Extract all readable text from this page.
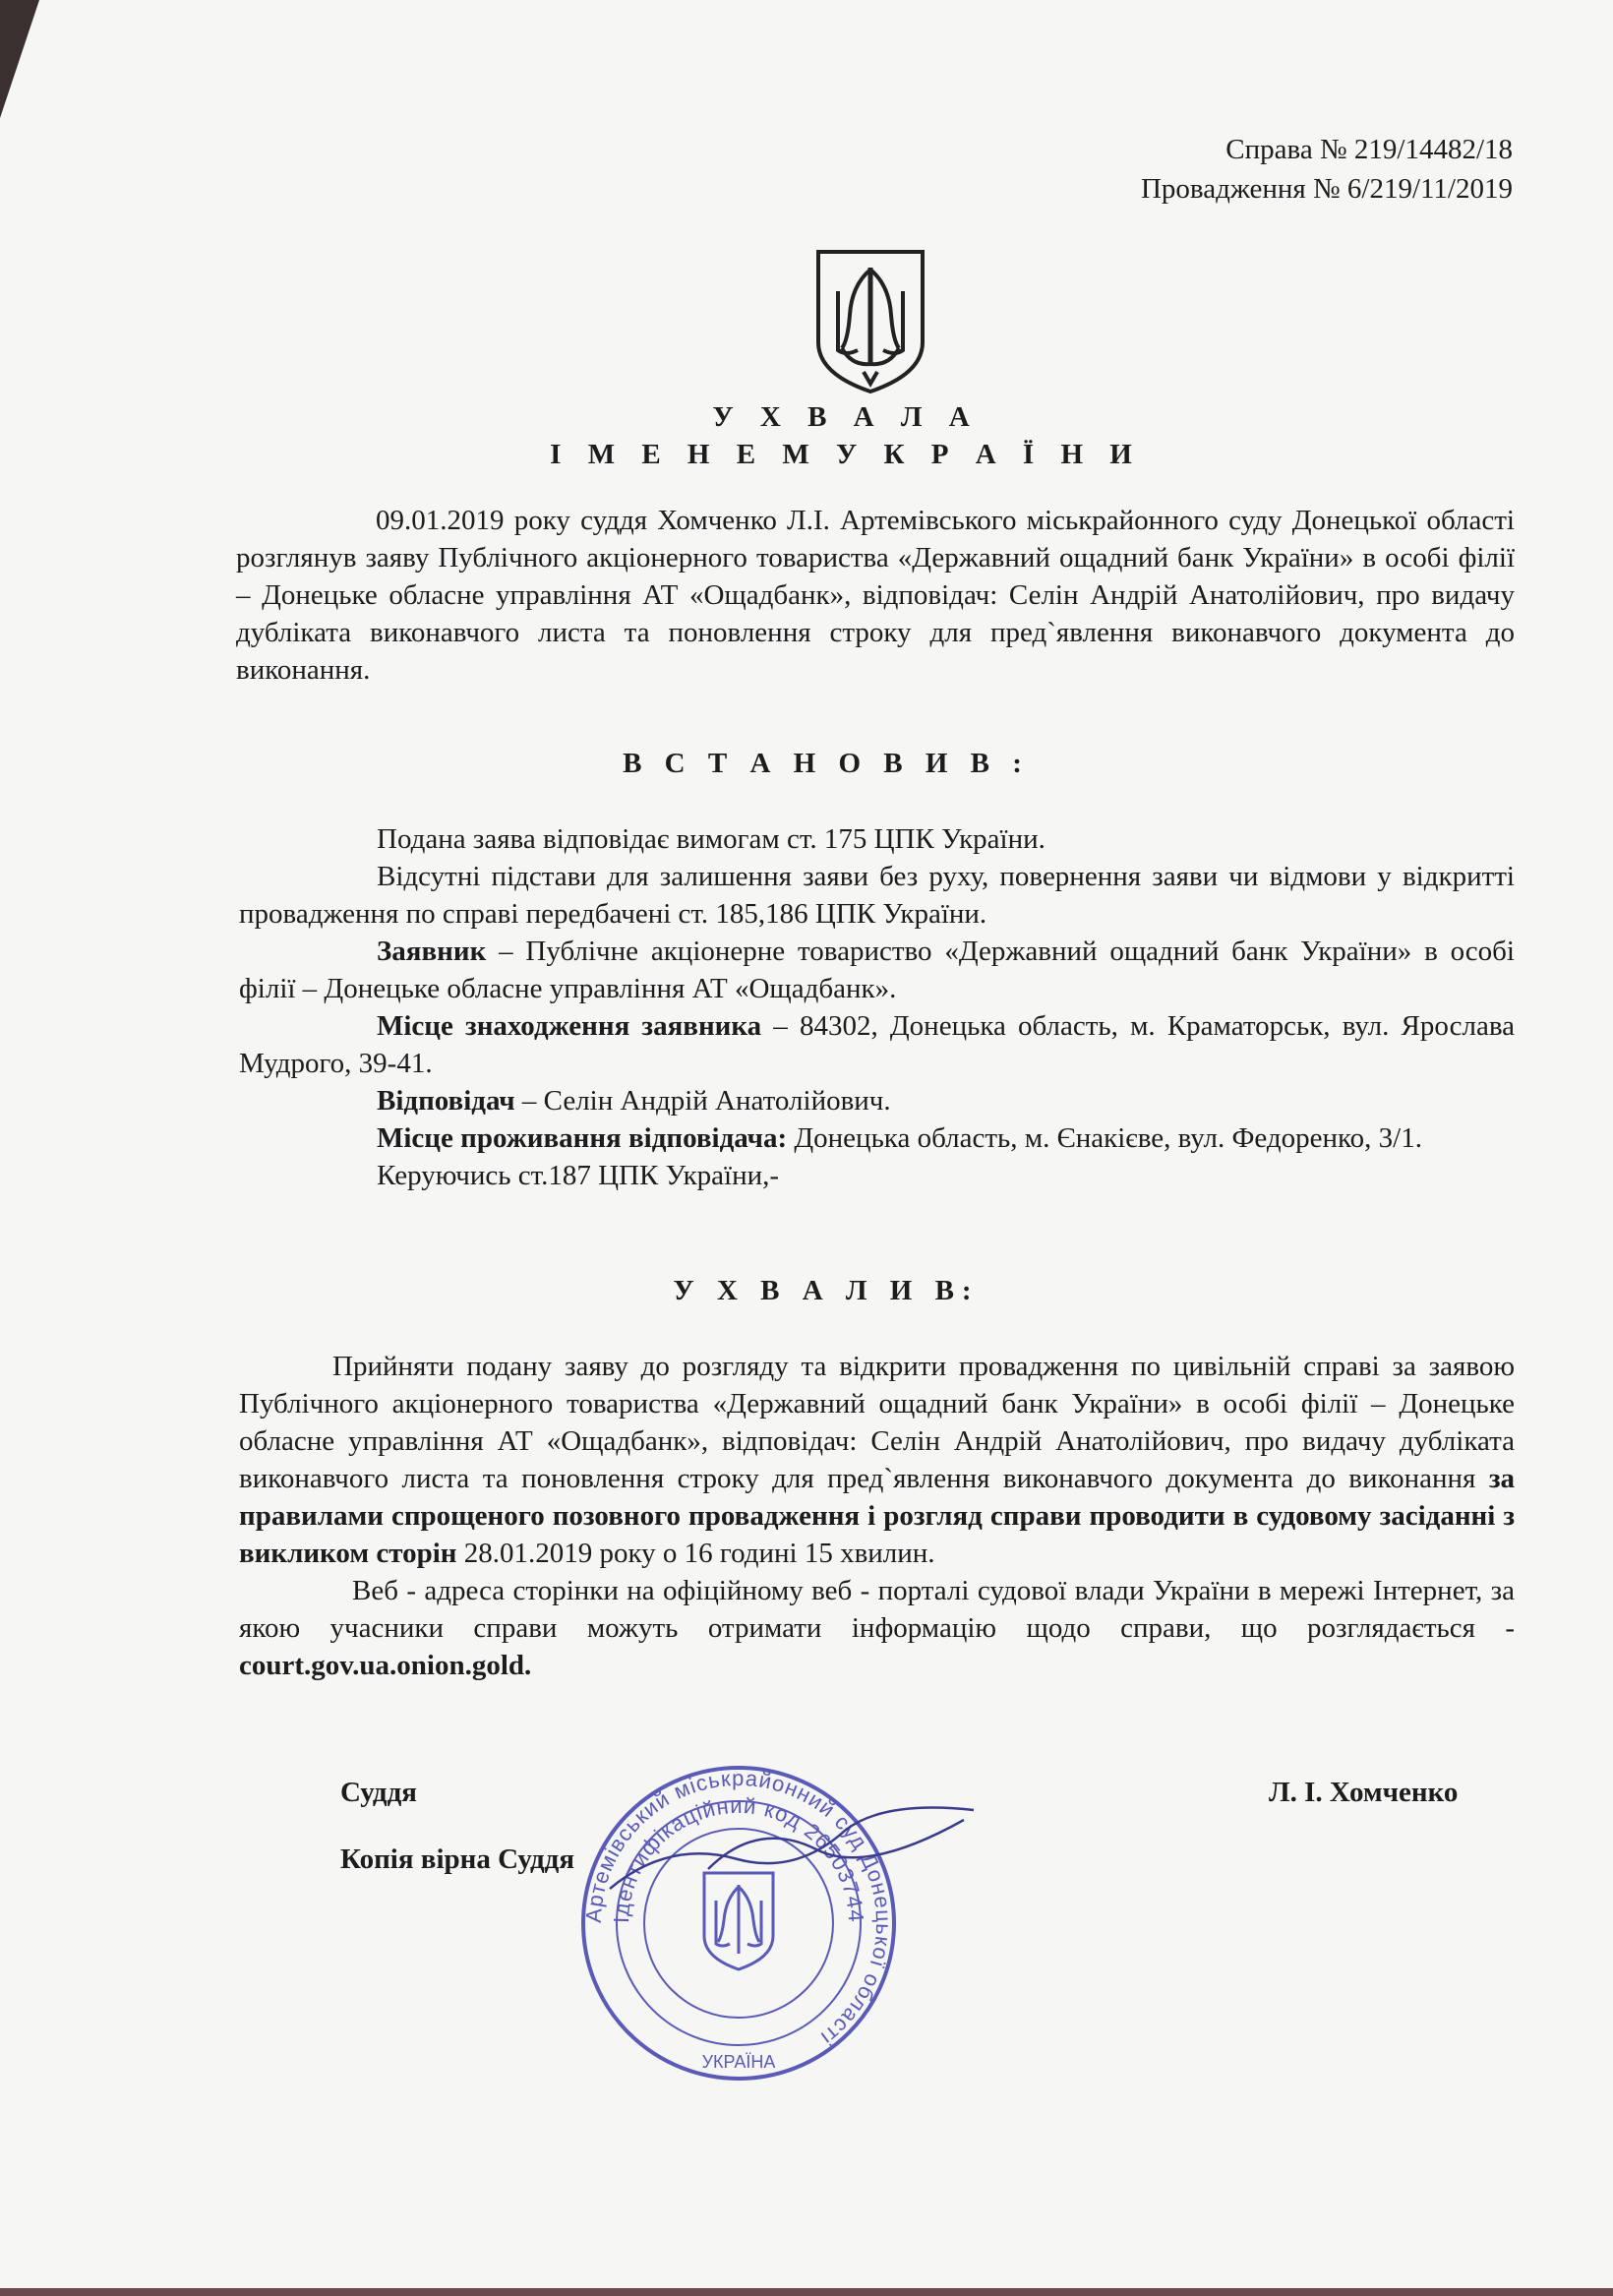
Справа № 219/14482/18
Провадження № 6/219/11/2019
У Х В А Л А
І М Е Н Е М У К Р А Ї Н И
09.01.2019 року суддя Хомченко Л.І. Артемівського міськрайонного суду Донецької області розглянув заяву Публічного акціонерного товариства «Державний ощадний банк України» в особі філії – Донецьке обласне управління АТ «Ощадбанк», відповідач: Селін Андрій Анатолійович, про видачу дубліката виконавчого листа та поновлення строку для пред`явлення виконавчого документа до виконання.
В С Т А Н О В И В :

Подана заява відповідає вимогам ст. 175 ЦПК України.

Відсутні підстави для залишення заяви без руху, повернення заяви чи відмови у відкритті провадження по справі передбачені ст. 185,186 ЦПК України.

Заявник – Публічне акціонерне товариство «Державний ощадний банк України» в особі філії – Донецьке обласне управління АТ «Ощадбанк».

Місце знаходження заявника – 84302, Донецька область, м. Краматорськ, вул. Ярослава Мудрого, 39-41.

Відповідач – Селін Андрій Анатолійович.

Місце проживання відповідача: Донецька область, м. Єнакієве, вул. Федоренко, 3/1.

Керуючись ст.187 ЦПК України,-

У Х В А Л И В:

Прийняти подану заяву до розгляду та відкрити провадження по цивільній справі за заявою Публічного акціонерного товариства «Державний ощадний банк України» в особі філії – Донецьке обласне управління АТ «Ощадбанк», відповідач: Селін Андрій Анатолійович, про видачу дубліката виконавчого листа та поновлення строку для пред`явлення виконавчого документа до виконання за правилами спрощеного позовного провадження і розгляд справи проводити в судовому засіданні з викликом сторін 28.01.2019 року о 16 годині 15 хвилин.

Веб - адреса сторінки на офіційному веб - порталі судової влади України в мережі Інтернет, за якою учасники справи можуть отримати інформацію щодо справи, що розглядається - court.gov.ua.onion.gold.

Суддя	Л. І. Хомченко
Копія вірна Суддя
Артемівський міськрайонний суд Донецької області
Ідентифікаційний код 26503744
УКРАЇНА
